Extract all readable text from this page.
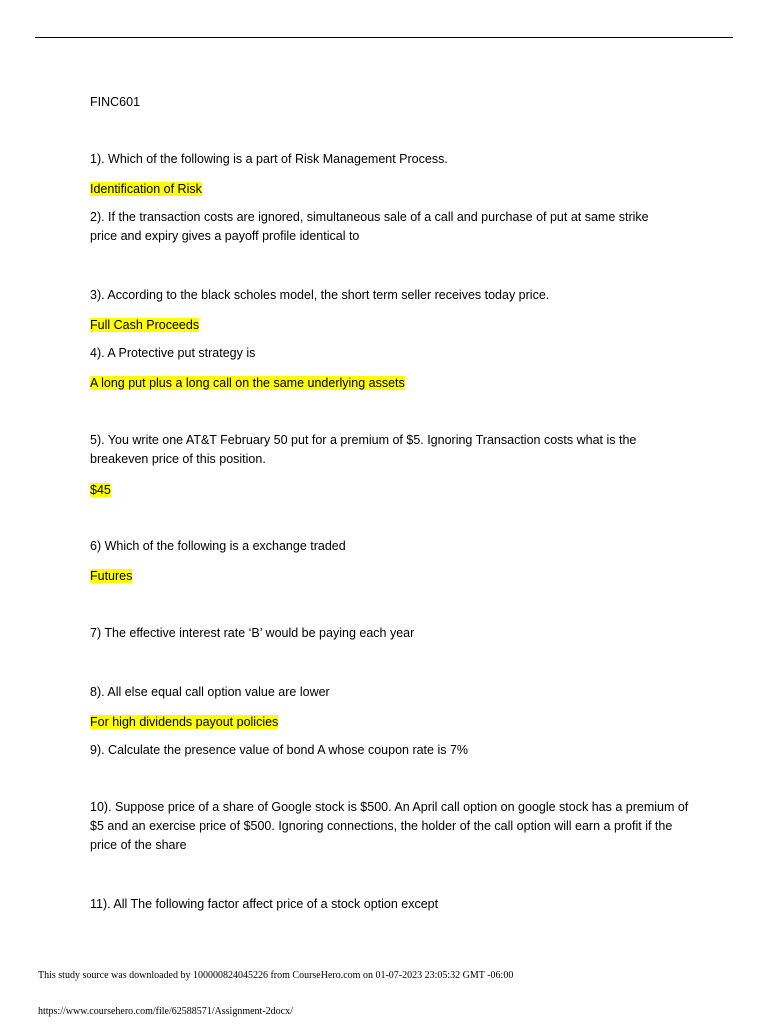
FINC601

1). Which of the following is a part of Risk Management Process.

Identification of Risk

2). If the transaction costs are ignored, simultaneous sale of a call and purchase of put at same strike price and expiry gives a payoff profile identical to

3). According to the black scholes model, the short term seller receives today price.

Full Cash Proceeds

4). A Protective put strategy is

A long put plus a long call on the same underlying assets

5). You write one AT&T February 50 put for a premium of $5. Ignoring Transaction costs what is the breakeven price of this position.

$45

6) Which of the following is a exchange traded

Futures

7) The effective interest rate ‘B’ would be paying each year

8). All else equal call option value are lower

For high dividends payout policies

9). Calculate the presence value of bond A whose coupon rate is 7%

10). Suppose price of a share of Google stock is $500. An April call option on google stock has a premium of $5 and an exercise price of $500. Ignoring connections, the holder of the call option will earn a profit if the price of the share

11). All The following factor affect price of a stock option except

This study source was downloaded by 100000824045226 from CourseHero.com on 01-07-2023 23:05:32 GMT -06:00
https://www.coursehero.com/file/62588571/Assignment-2docx/
